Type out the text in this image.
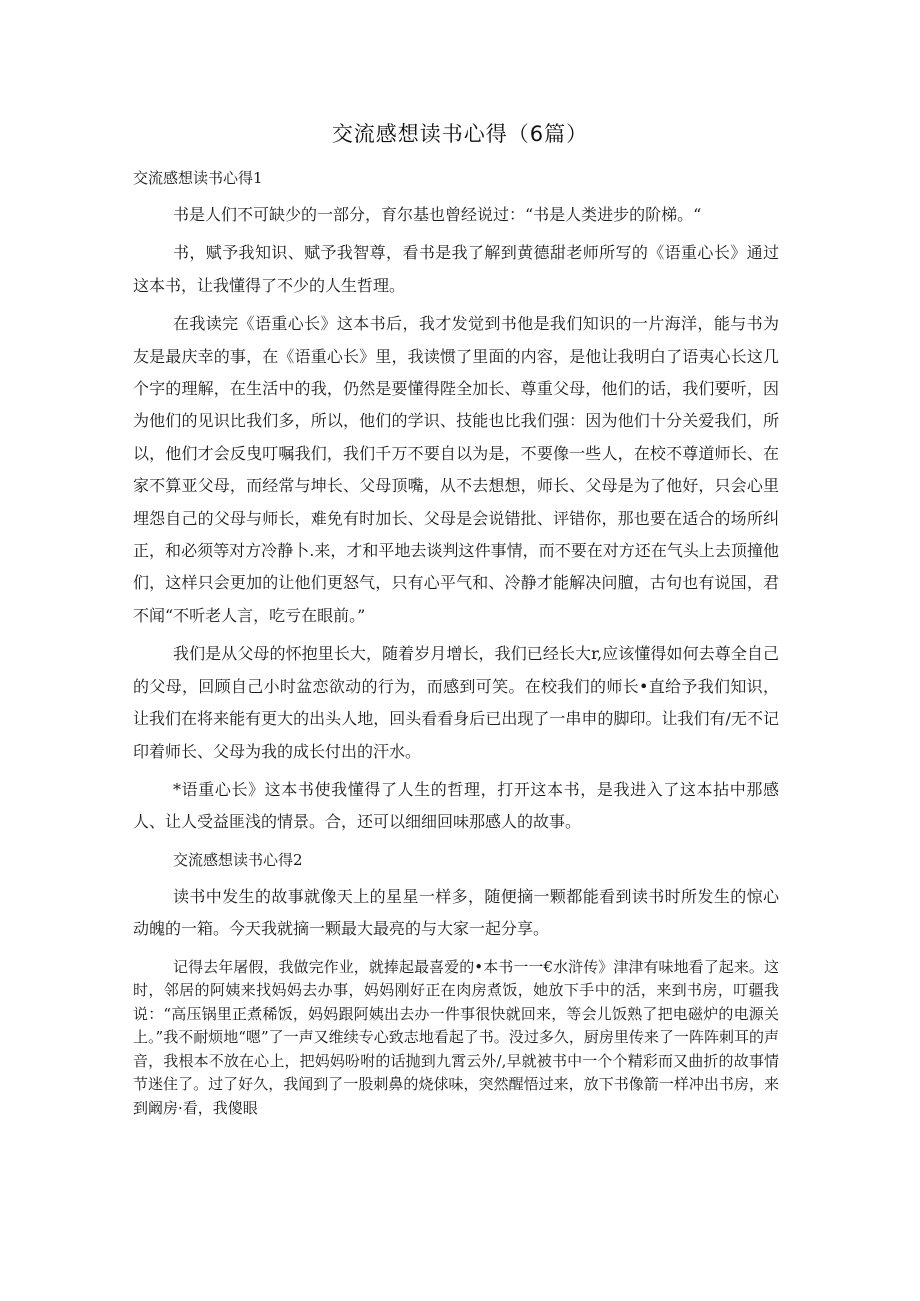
交流感想读书心得（6篇）

交流感想读书心得1

书是人们不可缺少的一部分，育尔基也曾经说过：“书是人类进步的阶梯。“

书，赋予我知识、赋予我智尊，看书是我了解到黄德甜老师所写的《语重心长》通过这本书，让我懂得了不少的人生哲理。

在我读完《语重心长》这本书后，我才发觉到书他是我们知识的一片海洋，能与书为友是最庆幸的事，在《语重心长》里，我读惯了里面的内容，是他让我明白了语夷心长这几个字的理解，在生活中的我，仍然是要懂得陛全加长、尊重父母，他们的话，我们要听，因为他们的见识比我们多，所以，他们的学识、技能也比我们强：因为他们十分关爱我们，所以，他们才会反曳叮嘱我们，我们千万不要自以为是，不要像一些人，在校不尊道师长、在家不算亚父母，而经常与坤长、父母顶嘴，从不去想想，师长、父母是为了他好，只会心里埋怨自己的父母与师长，难免有时加长、父母是会说错批、评错你，那也要在适合的场所纠正，和必须等对方冷静卜.来，才和平地去谈判这件事情，而不要在对方还在气头上去顶撞他们，这样只会更加的让他们更怒气，只有心平气和、冷静才能解决问膻，古句也有说国，君不闻“不听老人言，吃亏在眼前。”

我们是从父母的怀抱里长大，随着岁月增长，我们已经长大r,应该懂得如何去尊全自己的父母，回顾自己小时盆恋欲动的行为，而感到可笑。在校我们的师长•直给予我们知识，让我们在将来能有更大的出头人地，回头看看身后已出现了一串申的脚印。让我们有/无不记印着师长、父母为我的成长付出的汗水。

*语重心长》这本书使我懂得了人生的哲理，打开这本书，是我进入了这本拈中那感人、让人受益匪浅的情景。合，还可以细细回味那感人的故事。

交流感想读书心得2

读书中发生的故事就像天上的星星一样多，随便摘一颗都能看到读书时所发生的惊心动魄的一箱。今天我就摘一颗最大最亮的与大家一起分享。

记得去年屠假，我做完作业，就捧起最喜爱的•本书一一€水浒传》津津有味地看了起来。这时，邻居的阿姨来找妈妈去办事，妈妈刚好正在肉房煮饭，她放下手中的活，来到书房，叮疆我说：“高压锅里正煮稀饭，妈妈跟阿姨出去办一件事很快就回来，等会儿饭熟了把电磁炉的电源关上。”我不耐烦地“嗯”了一声又维续专心致志地看起了书。没过多久，厨房里传来了一阵阵刺耳的声音，我根本不放在心上，把妈妈吩咐的话抛到九霄云外/,早就被书中一个个精彩而又曲折的故事情节迷住了。过了好久，我闻到了一股刺鼻的烧俅味，突然醒悟过来，放下书像箭一样冲出书房，来到阚房·看，我傻眼
